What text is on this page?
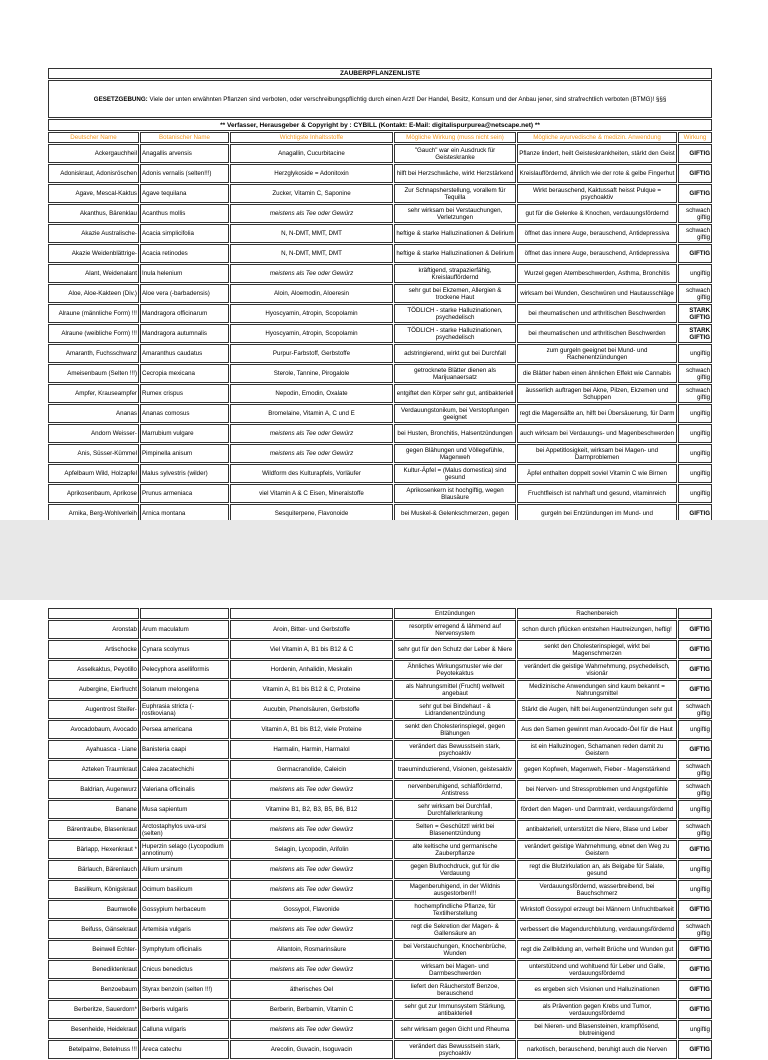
ZAUBERPFLANZENLISTE					
GESETZGEBUNG: Viele der unten erwähnten Pflanzen sind verboten, oder verschreibungspflichtig durch einen Arzt! Der Handel, Besitz, Konsum und der Anbau jener, sind strafrechtlich verboten (BTMG)! §§§					
** Verfasser, Herausgeber & Copyright by : CYBILL (Kontakt: E-Mail: digitalispurpurea@netscape.net) **					
Deutscher Name	Botanischer Name	Wichtigste Inhaltsstoffe	Mögliche Wirkung (muss nicht sein)	Mögliche ayurvedische & medizin. Anwendung	Wirkung
Ackergauchheil	Anagallis arvensis	Anagallin, Cucurbitacine	"Gauch" war ein Ausdruck für Geisteskranke	Pflanze lindert, heilt Geisteskrankheiten, stärkt den Geist	GIFTIG
Adoniskraut, Adonisröschen	Adonis vernalis (selten!!!)	Herzglykoside = Adonitoxin	hilft bei Herzschwäche, wirkt Herzstärkend	Kreislauffördernd, ähnlich wie der rote & gelbe Fingerhut	GIFTIG
Agave, Mescal-Kaktus	Agave tequilana	Zucker, Vitamin C, Saponine	Zur Schnapsherstellung, vorallem für Tequilla	Wirkt berauschend, Kaktussaft heisst Pulque = psychoaktiv	GIFTIG
Akanthus, Bärenklau	Acanthus mollis	meistens als Tee oder Gewürz	sehr wirksam bei Verstauchungen, Verletzungen	gut für die Gelenke & Knochen, verdauungsfördernd	schwach giftig
Akazie Australische-	Acacia simplicifolia	N, N-DMT, MMT, DMT	heftige & starke Halluzinationen & Delirium	öffnet das innere Auge, berauschend, Antidepressiva	schwach giftig
Akazie Weidenblättrige-	Acacia retinodes	N, N-DMT, MMT, DMT	heftige & starke Halluzinationen & Delirium	öffnet das innere Auge, berauschend, Antidepressiva	GIFTIG
Alant, Weidenalant	Inula helenium	meistens als Tee oder Gewürz	kräftigend, strapazierfähig, Kreislauffördernd	Wurzel gegen Atembeschwerden, Asthma, Bronchitis	ungiftig
Aloe, Aloe-Kakteen (Div.)	Aloe vera (-barbadensis)	Aloin, Aloemodin, Aloeresin	sehr gut bei Ekzemen, Allergien & trockene Haut	wirksam bei Wunden, Geschwüren und Hautausschläge	schwach giftig
Alraune (männliche Form) !!!	Mandragora officinarum	Hyoscyamin, Atropin, Scopolamin	TÖDLICH - starke Halluzinationen, psychedelisch	bei rheumatischen und arthritischen Beschwerden	STARK GIFTIG
Alraune (weibliche Form) !!!	Mandragora autumnalis	Hyoscyamin, Atropin, Scopolamin	TÖDLICH - starke Halluzinationen, psychedelisch	bei rheumatischen und arthritischen Beschwerden	STARK GIFTIG
Amaranth, Fuchsschwanz	Amaranthus caudatus	Purpur-Farbstoff, Gerbstoffe	adstringierend, wirkt gut bei Durchfall	zum gurgeln geeignet bei Mund- und Rachenentzündungen	ungiftig
Ameisenbaum (Selten !!!)	Cecropia mexicana	Sterole, Tannine, Pirogalole	getrocknete Blätter dienen als Marijuanaersatz	die Blätter haben einen ähnlichen Effekt wie Cannabis	schwach giftig
Ampfer, Krauseampfer	Rumex crispus	Nepodin, Emodin, Oxalate	entgiftet den Körper sehr gut, antibakteriell	äusserlich auftragen bei Akne, Pilzen, Ekzemen und Schuppen	schwach giftig
Ananas	Ananas comosus	Bromelaine, Vitamin A, C und E	Verdauungstonikum, bei Verstopfungen geeignet	regt die Magensäfte an, hilft bei Übersäuerung, für Darm	ungiftig
Andorn Weisser-	Marrubium vulgare	meistens als Tee oder Gewürz	bei Husten, Bronchitis, Halsentzündungen	auch wirksam bei Verdauungs- und Magenbeschwerden	ungiftig
Anis, Süsser-Kümmel	Pimpinella anisum	meistens als Tee oder Gewürz	gegen Blähungen und Völlegefühle, Magenweh	bei Appetitlosigkeit, wirksam bei Magen- und Darmproblemen	ungiftig
Apfelbaum Wild, Holzapfel	Malus sylvestris (wilder)	Wildform des Kulturapfels, Vorläufer	Kultur-Äpfel = (Malus domestica) sind gesund	Äpfel enthalten doppelt soviel Vitamin C wie Birnen	ungiftig
Aprikosenbaum, Aprikose	Prunus armeniaca	viel Vitamin A & C Eisen, Mineralstoffe	Aprikosenkern ist hochgiftig, wegen Blausäure	Fruchtfleisch ist nahrhaft und gesund, vitaminreich	ungiftig
Arnika, Berg-Wohlverleih	Arnica montana	Sesquiterpene, Flavonoide	bei Muskel-& Gelenkschmerzen, gegen	gurgeln bei Entzündungen im Mund- und	GIFTIG
			Entzündungen	Rachenbereich	
Aronstab	Arum maculatum	Aroin, Bitter- und Gerbstoffe	resorptiv erregend & lähmend auf Nervensystem	schon durch pflücken entstehen Hautreizungen, heftig!	GIFTIG
Artischocke	Cynara scolymus	Viel Vitamin A, B1 bis B12 & C	sehr gut für den Schutz der Leber & Niere	senkt den Cholesterinspiegel, wirkt bei Magenschmerzen	GIFTIG
Asselkaktus, Peyotillo	Pelecyphora aselliformis	Hordenin, Anhalidin, Meskalin	Ähnliches Wirkungsmuster wie der Peyotekaktus	verändert die geistige Wahrnehmung, psychedelisch, visionär	GIFTIG
Aubergine, Eierfrucht	Solanum melongena	Vitamin A, B1 bis B12 & C, Proteine	als Nahrungsmittel (Frucht) weltweit angebaut	Medizinische Anwendungen sind kaum bekannt = Nahrungsmittel	GIFTIG
Augentrost Steifer-	Euphrasia stricta (-rostkoviana)	Aucubin, Phenolsäuren, Gerbstoffe	sehr gut bei Bindehaut - & Lidrandenentzündung	Stärkt die Augen, hilft bei Augenentzündungen sehr gut	schwach giftig
Avocadobaum, Avocado	Persea americana	Vitamin A, B1 bis B12, viele Proteine	senkt den Cholesterinspiegel, gegen Blähungen	Aus den Samen gewinnt man Avocado-Öel für die Haut	ungiftig
Ayahuasca - Liane	Banisteria caapi	Harmalin, Harmin, Harmalol	verändert das Bewusstsein stark, psychoaktiv	ist ein Halluzinogen, Schamanen reden damit zu Geistern	GIFTIG
Azteken Traumkraut	Calea zacatechichi	Germacranolide, Caleicin	traeuminduzierend, Visionen, geistesaktiv	gegen Kopfweh, Magenweh, Fieber - Magenstärkend	schwach giftig
Baldrian, Augenwurz	Valeriana officinalis	meistens als Tee oder Gewürz	nervenberuhigend, schlaffördernd, Antistress	bei Nerven- und Stressproblemen und Angstgefühle	schwach giftig
Banane	Musa sapientum	Vitamine B1, B2, B3, B5, B6, B12	sehr wirksam bei Durchfall, Durchfallerkrankung	fördert den Magen- und Darmtrakt, verdauungsfördernd	ungiftig
Bärentraube, Blasenkraut	Arctostaphylos uva-ursi (selten)	meistens als Tee oder Gewürz	Selten = Geschützt! wirkt bei Blasenentzündung	antibakteriell, unterstützt die Niere, Blase und Leber	schwach giftig
Bärlapp, Hexenkraut *	Huperzin selago (Lycopodium annotinum)	Selagin, Lycopodin, Arifolin	alte keltische und germanische Zauberpflanze	verändert geistige Wahrnehmung, ebnet den Weg zu Geistern	GIFTIG
Bärlauch, Bärenlauch	Allium ursinum	meistens als Tee oder Gewürz	gegen Bluthochdruck, gut für die Verdauung	regt die Blutzirkulation an, als Beigabe für Salate, gesund	ungiftig
Basilikum, Königskraut	Ocimum basilicum	meistens als Tee oder Gewürz	Magenberuhigend, in der Wildnis ausgestorben!!!	Verdauungsfördernd, wasserbreibend, bei Bauchschmerz	ungiftig
Baumwolle	Gossypium herbaceum	Gossypol, Flavonide	hochempfindliche Pflanze, für Textilherstellung	Wirkstoff Gossypol erzeugt bei Männern Unfruchtbarkeit	GIFTIG
Beifuss, Gänsekraut	Artemisia vulgaris	meistens als Tee oder Gewürz	regt die Sekretion der Magen- & Gallensäure an	verbessert die Magendurchblutung, verdauungsfördernd	schwach giftig
Beinwell Echter-	Symphytum officinalis	Allantoin, Rosmarinsäure	bei Verstauchungen, Knochenbrüche, Wunden	regt die Zellbildung an, verheilt Brüche und Wunden gut	GIFTIG
Benediktenkraut	Cnicus benedictus	meistens als Tee oder Gewürz	wirksam bei Magen- und Darmbeschwerden	unterstützend und wohltuend für Leber und Galle, verdauungsfördernd	GIFTIG
Benzoebaum	Styrax benzoin (selten !!!)	ätherisches Oel	liefert den Räucherstoff Benzoe, berauschend	es ergeben sich Visionen und Halluzinationen	GIFTIG
Berberitze, Sauerdorn*	Berberis vulgaris	Berberin, Berbamin, Vitamin C	sehr gut zur Immunsystem Stärkung, antibakteriell	als Prävention gegen Krebs und Tumor, verdauungsfördernd	GIFTIG
Besenheide, Heidekraut	Calluna vulgaris	meistens als Tee oder Gewürz	sehr wirksam gegen Gicht und Rheuma	bei Nieren- und Blasensteinen, krampflösend, blutreinigend	ungiftig
Betelpalme, Betelnuss !!!	Areca catechu	Arecolin, Guvacin, Isoguvacin	verändert das Bewusstsein stark, psychoaktiv	narkotisch, berauschend, beruhigt auch die Nerven	GIFTIG
